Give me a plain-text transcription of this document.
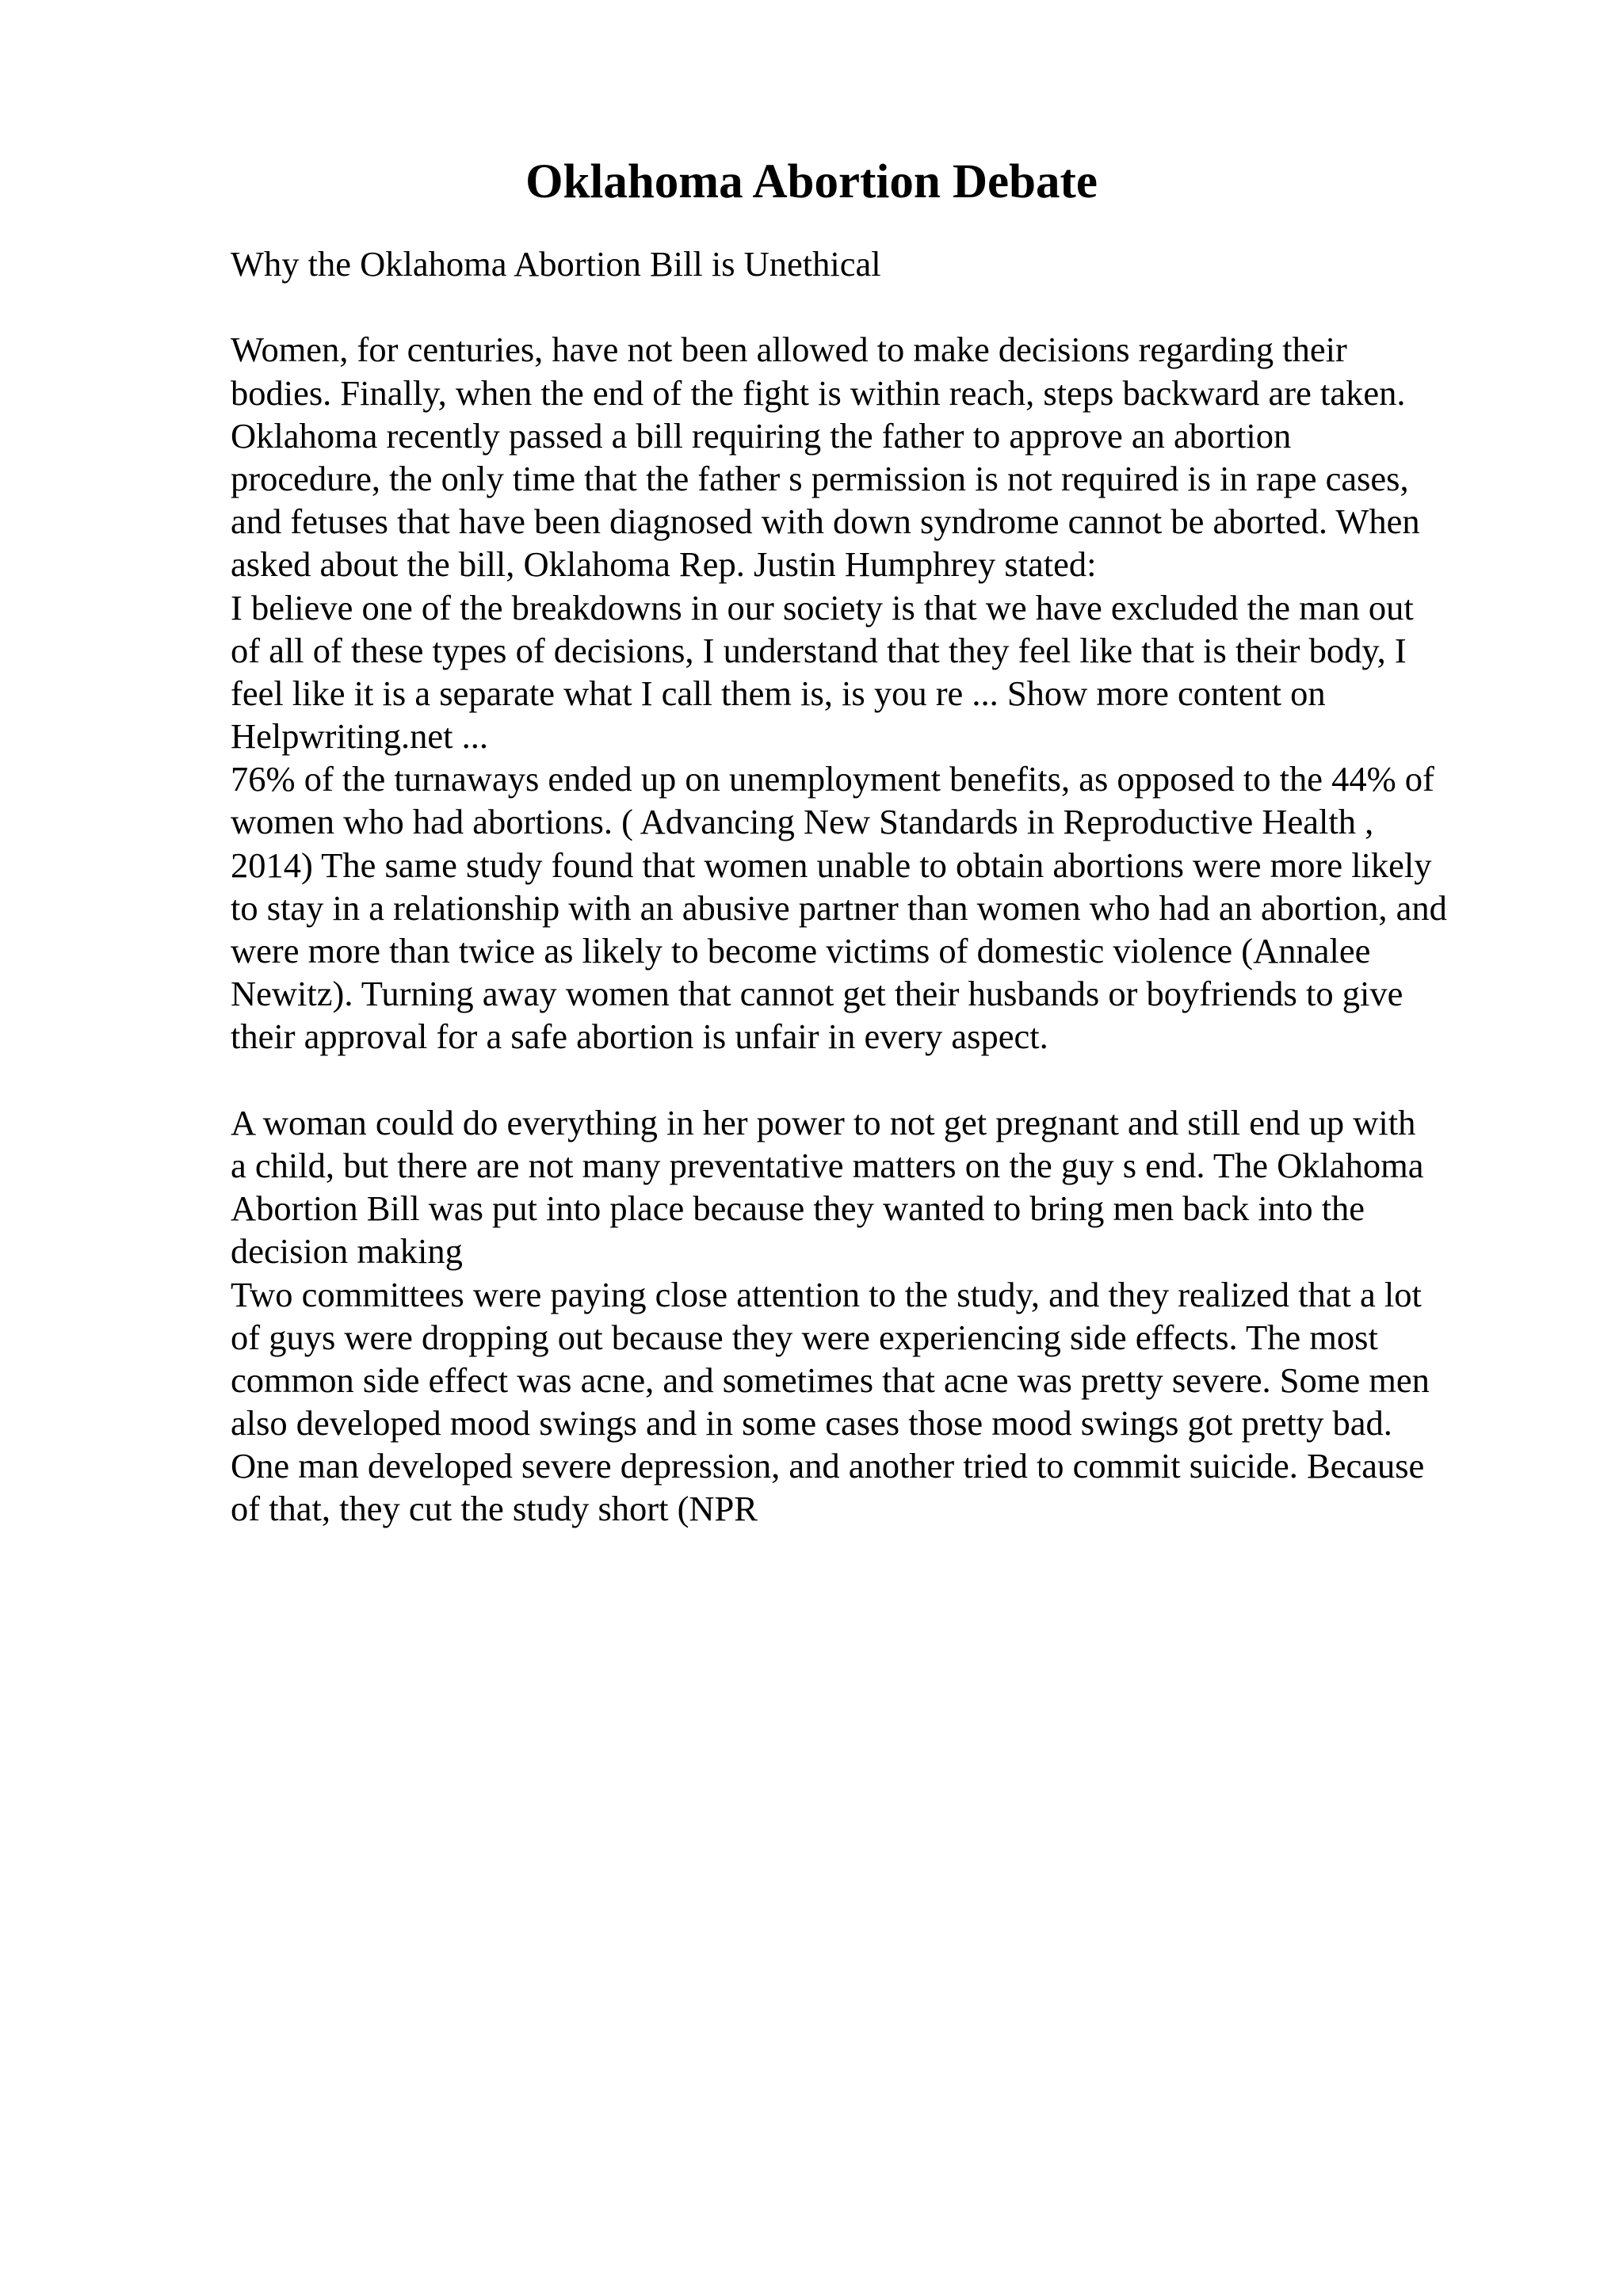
Oklahoma Abortion Debate
Why the Oklahoma Abortion Bill is Unethical
Women, for centuries, have not been allowed to make decisions regarding their
bodies. Finally, when the end of the fight is within reach, steps backward are taken.
Oklahoma recently passed a bill requiring the father to approve an abortion
procedure, the only time that the father s permission is not required is in rape cases,
and fetuses that have been diagnosed with down syndrome cannot be aborted. When
asked about the bill, Oklahoma Rep. Justin Humphrey stated:
I believe one of the breakdowns in our society is that we have excluded the man out
of all of these types of decisions, I understand that they feel like that is their body, I
feel like it is a separate what I call them is, is you re ... Show more content on
Helpwriting.net ...
76% of the turnaways ended up on unemployment benefits, as opposed to the 44% of
women who had abortions. ( Advancing New Standards in Reproductive Health ,
2014) The same study found that women unable to obtain abortions were more likely
to stay in a relationship with an abusive partner than women who had an abortion, and
were more than twice as likely to become victims of domestic violence (Annalee
Newitz). Turning away women that cannot get their husbands or boyfriends to give
their approval for a safe abortion is unfair in every aspect.
A woman could do everything in her power to not get pregnant and still end up with
a child, but there are not many preventative matters on the guy s end. The Oklahoma
Abortion Bill was put into place because they wanted to bring men back into the
decision making
Two committees were paying close attention to the study, and they realized that a lot
of guys were dropping out because they were experiencing side effects. The most
common side effect was acne, and sometimes that acne was pretty severe. Some men
also developed mood swings and in some cases those mood swings got pretty bad.
One man developed severe depression, and another tried to commit suicide. Because
of that, they cut the study short (NPR
